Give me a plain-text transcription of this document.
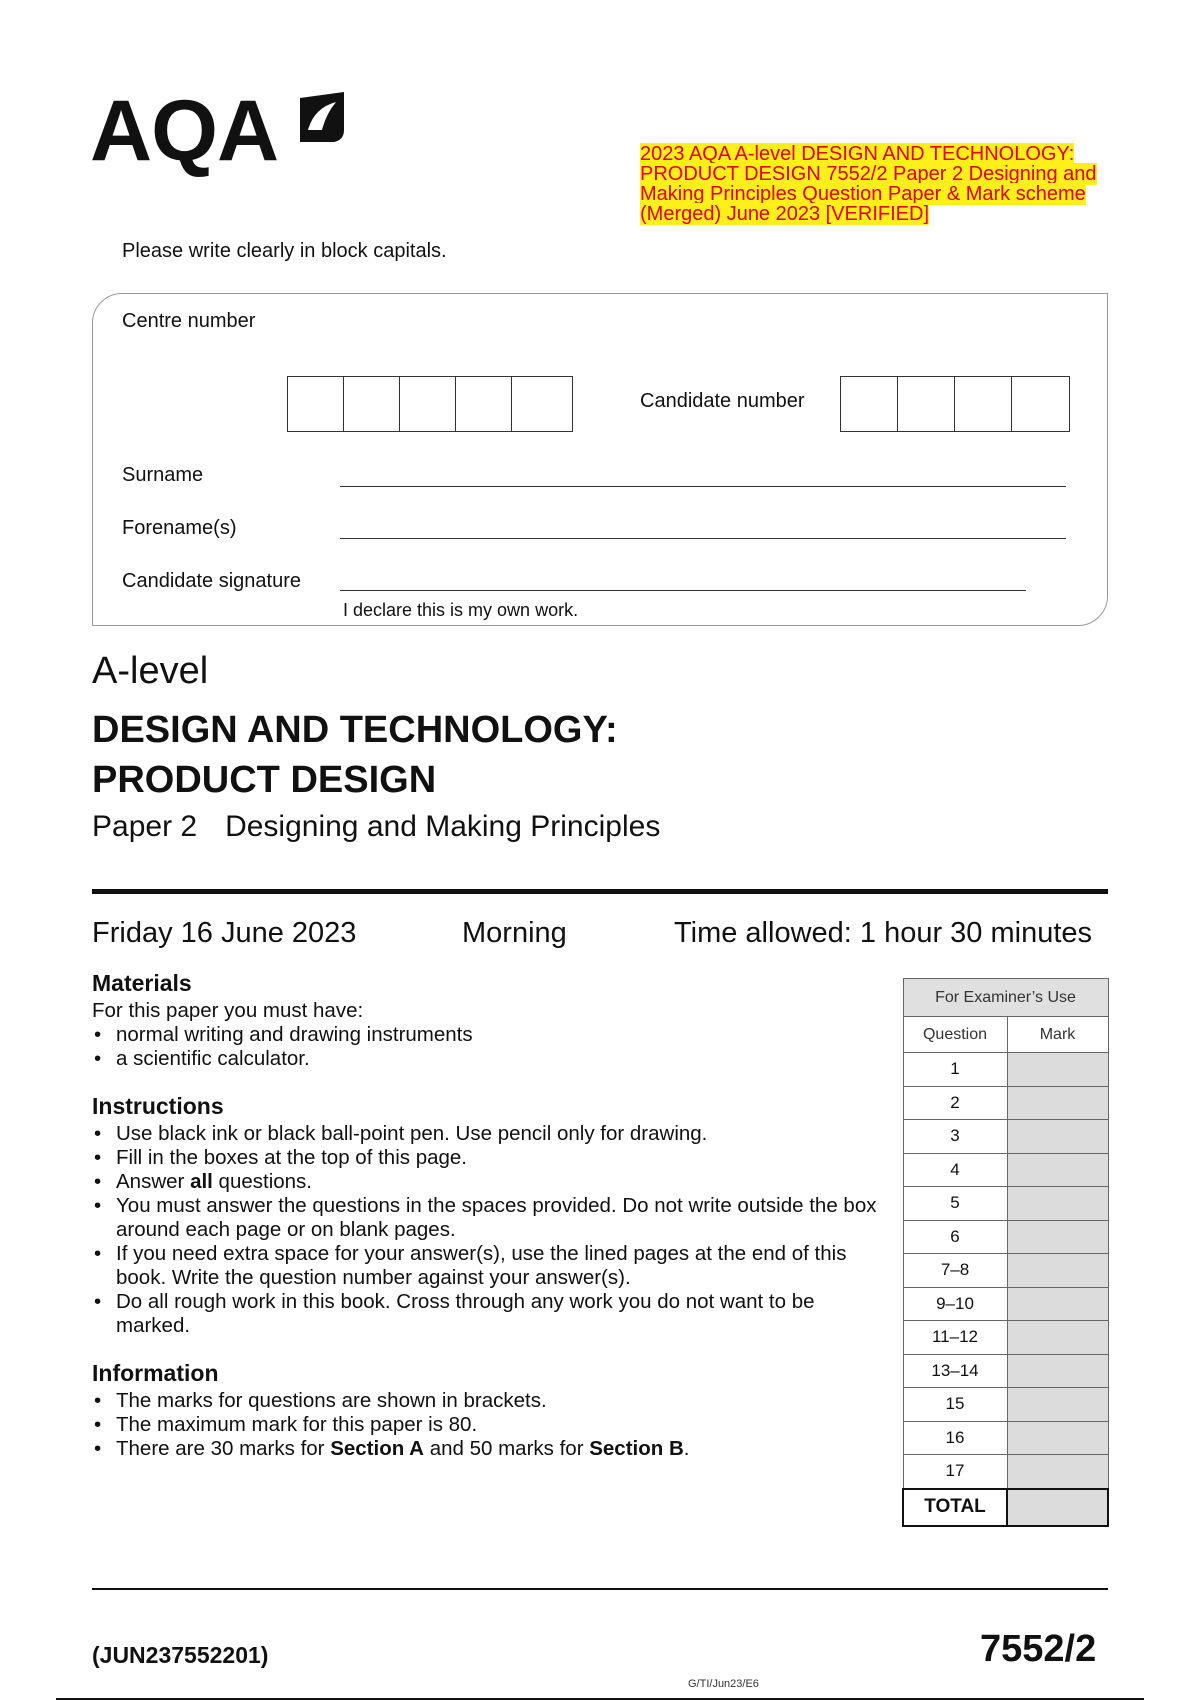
AQA	2023 AQA A-level DESIGN AND TECHNOLOGY: PRODUCT DESIGN 7552/2 Paper 2 Designing and Making Principles Question Paper & Mark scheme (Merged) June 2023 [VERIFIED]
Please write clearly in block capitals.
Centre number
Candidate number
Surname
Forename(s)
Candidate signature
I declare this is my own work.
A-level
DESIGN AND TECHNOLOGY:
PRODUCT DESIGN
Paper 2 Designing and Making Principles
Friday 16 June 2023	Morning	Time allowed: 1 hour 30 minutes
Materials
For this paper you must have:
• normal writing and drawing instruments
• a scientific calculator.
Instructions
• Use black ink or black ball-point pen. Use pencil only for drawing.
• Fill in the boxes at the top of this page.
• Answer all questions.
• You must answer the questions in the spaces provided. Do not write outside the box around each page or on blank pages.
• If you need extra space for your answer(s), use the lined pages at the end of this book. Write the question number against your answer(s).
• Do all rough work in this book. Cross through any work you do not want to be marked.
Information
• The marks for questions are shown in brackets.
• The maximum mark for this paper is 80.
• There are 30 marks for Section A and 50 marks for Section B.
For Examiner’s Use	
Question	Mark
1	
2	
3	
4	
5	
6	
7–8	
9–10	
11–12	
13–14	
15	
16	
17	
TOTAL	
(JUN237552201)	7552/2
G/TI/Jun23/E6
